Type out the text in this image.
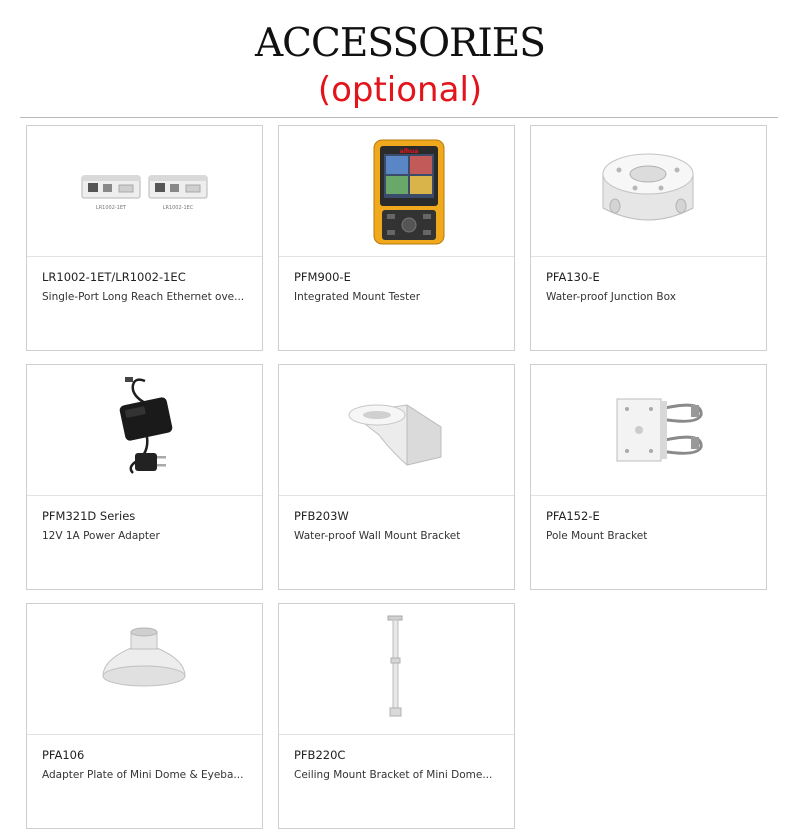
ACCESSORIES
(optional)
LR1002-1ET	LR1002-1EC
LR1002-1ET/LR1002-1EC
Single-Port Long Reach Ethernet ove...
alhua
PFM900-E
Integrated Mount Tester
PFA130-E
Water-proof Junction Box
PFM321D Series
12V 1A Power Adapter
PFB203W
Water-proof Wall Mount Bracket
PFA152-E
Pole Mount Bracket
PFA106
Adapter Plate of Mini Dome & Eyeba...
PFB220C
Ceiling Mount Bracket of Mini Dome...
